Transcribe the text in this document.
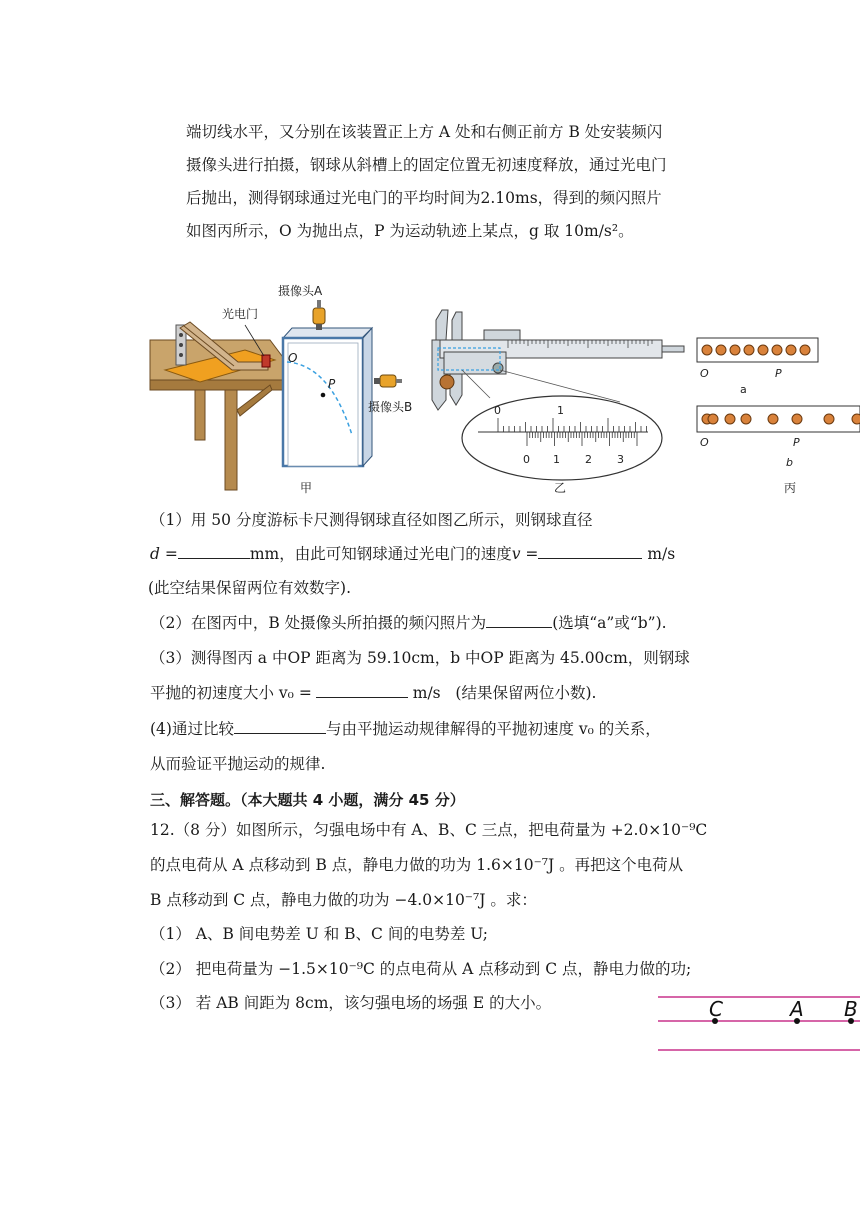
端切线水平，又分别在该装置正上方 A 处和右侧正前方 B 处安装频闪
摄像头进行拍摄，钢球从斜槽上的固定位置无初速度释放，通过光电门
后抛出，测得钢球通过光电门的平均时间为2.10ms，得到的频闪照片
如图丙所示，O 为抛出点，P 为运动轨迹上某点，g 取 10m/s²。
摄像头A
光电门
O
P
摄像头B
甲
0	1
0 1 2 3
乙
O	P
a
O	P
b
丙
（1）用 50 分度游标卡尺测得钢球直径如图乙所示，则钢球直径
d =	mm，由此可知钢球通过光电门的速度v =	m/s
(此空结果保留两位有效数字).
（2）在图丙中，B 处摄像头所拍摄的频闪照片为	(选填“a”或“b”).
（3）测得图丙 a 中OP 距离为 59.10cm，b 中OP 距离为 45.00cm，则钢球
平抛的初速度大小 v₀ =	m/s (结果保留两位小数).
(4)通过比较	与由平抛运动规律解得的平抛初速度 v₀ 的关系，
从而验证平抛运动的规律.
三、解答题。（本大题共 4 小题，满分 45 分）
12.（8 分）如图所示，匀强电场中有 A、B、C 三点，把电荷量为 +2.0×10⁻⁹C
的点电荷从 A 点移动到 B 点，静电力做的功为 1.6×10⁻⁷J 。再把这个电荷从
B 点移动到 C 点，静电力做的功为 −4.0×10⁻⁷J 。求：
（1） A、B 间电势差 U 和 B、C 间的电势差 U;
（2） 把电荷量为 −1.5×10⁻⁹C 的点电荷从 A 点移动到 C 点，静电力做的功;
（3） 若 AB 间距为 8cm，该匀强电场的场强 E 的大小。	C	A B
